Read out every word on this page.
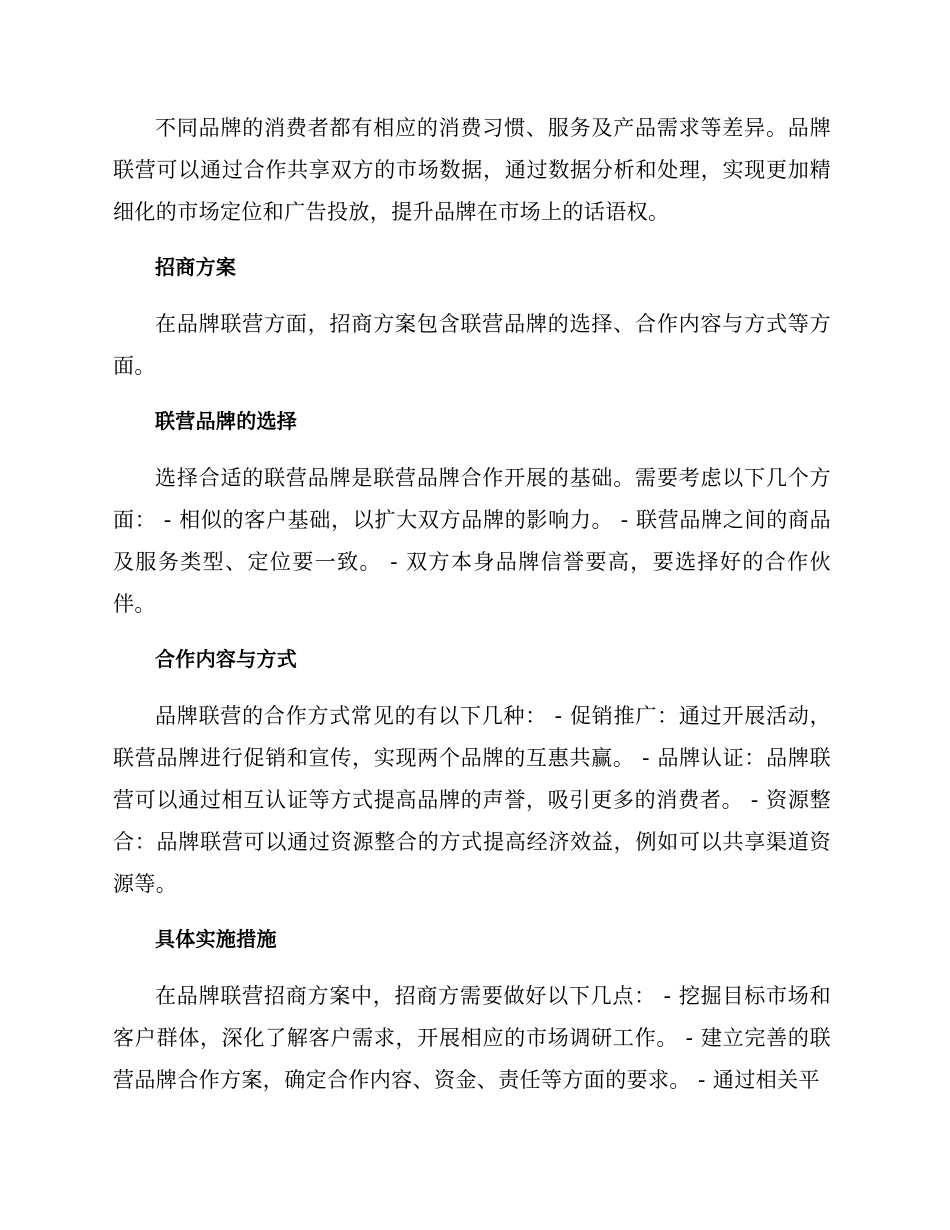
不同品牌的消费者都有相应的消费习惯、服务及产品需求等差异。品牌联营可以通过合作共享双方的市场数据，通过数据分析和处理，实现更加精细化的市场定位和广告投放，提升品牌在市场上的话语权。

招商方案

在品牌联营方面，招商方案包含联营品牌的选择、合作内容与方式等方面。

联营品牌的选择

选择合适的联营品牌是联营品牌合作开展的基础。需要考虑以下几个方面： - 相似的客户基础，以扩大双方品牌的影响力。 - 联营品牌之间的商品及服务类型、定位要一致。 - 双方本身品牌信誉要高，要选择好的合作伙伴。

合作内容与方式

品牌联营的合作方式常见的有以下几种： - 促销推广：通过开展活动，联营品牌进行促销和宣传，实现两个品牌的互惠共赢。 - 品牌认证：品牌联营可以通过相互认证等方式提高品牌的声誉，吸引更多的消费者。 - 资源整合：品牌联营可以通过资源整合的方式提高经济效益，例如可以共享渠道资源等。

具体实施措施

在品牌联营招商方案中，招商方需要做好以下几点： - 挖掘目标市场和客户群体，深化了解客户需求，开展相应的市场调研工作。 - 建立完善的联营品牌合作方案，确定合作内容、资金、责任等方面的要求。 - 通过相关平
